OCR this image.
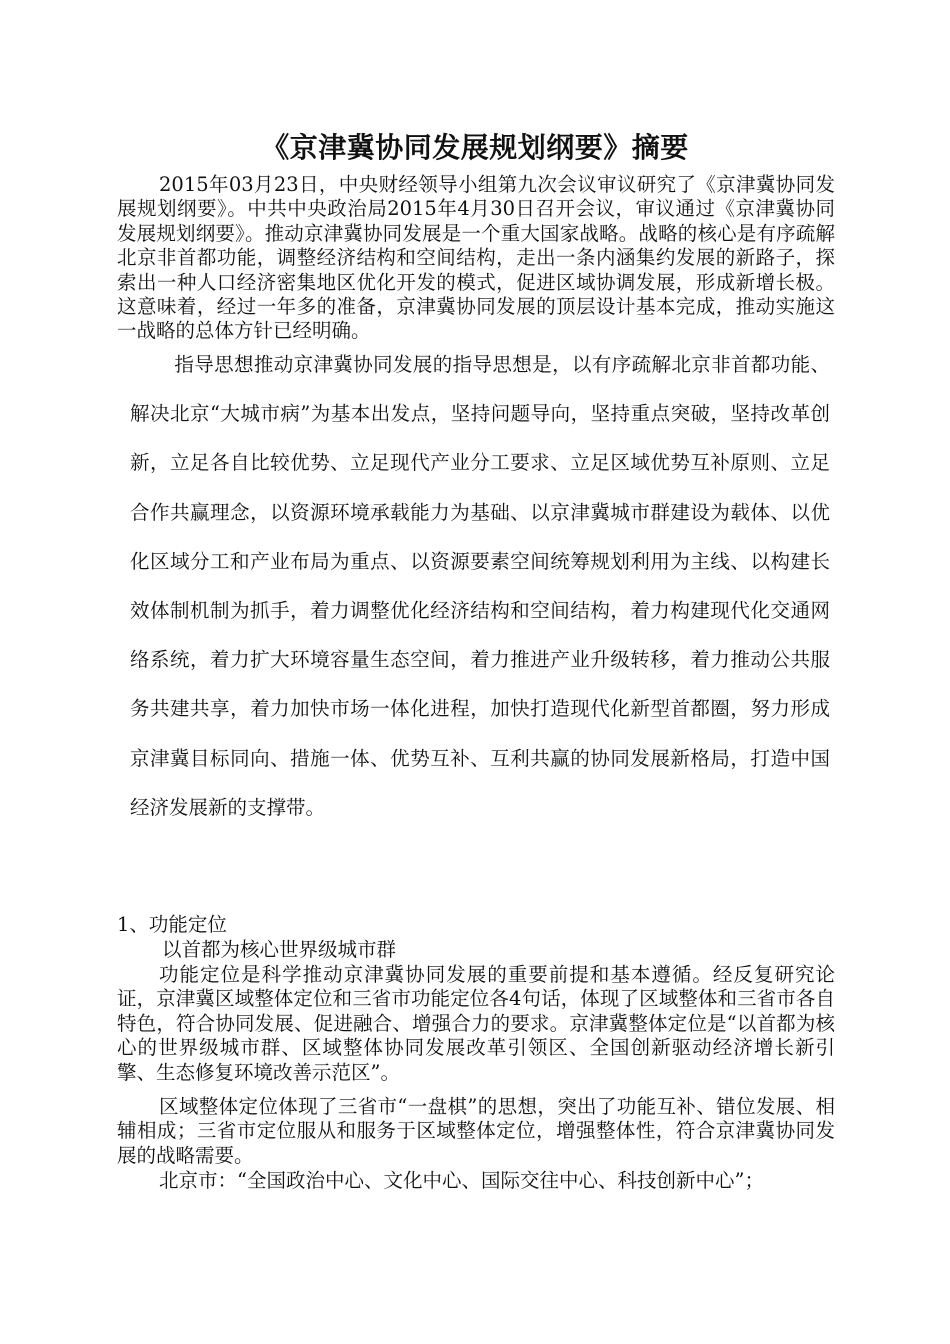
《京津冀协同发展规划纲要》摘要

2015年03月23日，中央财经领导小组第九次会议审议研究了《京津冀协同发展规划纲要》。中共中央政治局2015年4月30日召开会议，审议通过《京津冀协同发展规划纲要》。推动京津冀协同发展是一个重大国家战略。战略的核心是有序疏解北京非首都功能，调整经济结构和空间结构，走出一条内涵集约发展的新路子，探索出一种人口经济密集地区优化开发的模式，促进区域协调发展，形成新增长极。这意味着，经过一年多的准备，京津冀协同发展的顶层设计基本完成，推动实施这一战略的总体方针已经明确。

指导思想推动京津冀协同发展的指导思想是，以有序疏解北京非首都功能、解决北京“大城市病”为基本出发点，坚持问题导向，坚持重点突破，坚持改革创新，立足各自比较优势、立足现代产业分工要求、立足区域优势互补原则、立足合作共赢理念，以资源环境承载能力为基础、以京津冀城市群建设为载体、以优化区域分工和产业布局为重点、以资源要素空间统筹规划利用为主线、以构建长效体制机制为抓手，着力调整优化经济结构和空间结构，着力构建现代化交通网络系统，着力扩大环境容量生态空间，着力推进产业升级转移，着力推动公共服务共建共享，着力加快市场一体化进程，加快打造现代化新型首都圈，努力形成京津冀目标同向、措施一体、优势互补、互利共赢的协同发展新格局，打造中国经济发展新的支撑带。

1、功能定位

以首都为核心世界级城市群

功能定位是科学推动京津冀协同发展的重要前提和基本遵循。经反复研究论证，京津冀区域整体定位和三省市功能定位各4句话，体现了区域整体和三省市各自特色，符合协同发展、促进融合、增强合力的要求。京津冀整体定位是“以首都为核心的世界级城市群、区域整体协同发展改革引领区、全国创新驱动经济增长新引擎、生态修复环境改善示范区”。

区域整体定位体现了三省市“一盘棋”的思想，突出了功能互补、错位发展、相辅相成；三省市定位服从和服务于区域整体定位，增强整体性，符合京津冀协同发展的战略需要。

北京市：“全国政治中心、文化中心、国际交往中心、科技创新中心”；
